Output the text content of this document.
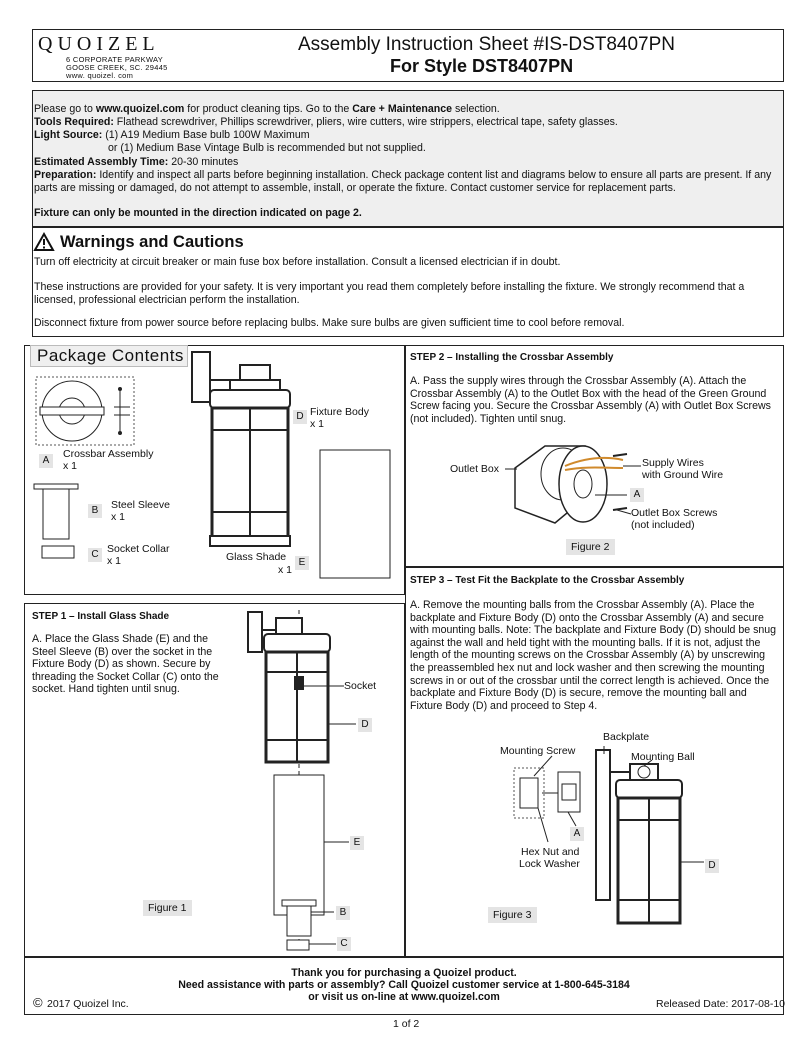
QUOIZEL
6 CORPORATE PARKWAY
GOOSE CREEK, SC. 29445
www. quoizel. com
Assembly Instruction Sheet #IS-DST8407PN
For Style DST8407PN
Please go to www.quoizel.com for product cleaning tips. Go to the Care + Maintenance selection.
Tools Required: Flathead screwdriver, Phillips screwdriver, pliers, wire cutters, wire strippers, electrical tape, safety glasses.
Light Source: (1) A19 Medium Base bulb 100W Maximum
or (1) Medium Base Vintage Bulb is recommended but not supplied.
Estimated Assembly Time: 20-30 minutes
Preparation: Identify and inspect all parts before beginning installation. Check package content list and diagrams below to ensure all parts are present. If any parts are missing or damaged, do not attempt to assemble, install, or operate the fixture. Contact customer service for replacement parts.
Fixture can only be mounted in the direction indicated on page 2.
Warnings and Cautions
Turn off electricity at circuit breaker or main fuse box before installation. Consult a licensed electrician if in doubt.
These instructions are provided for your safety. It is very important you read them completely before installing the fixture. We strongly recommend that a licensed, professional electrician perform the installation.
Disconnect fixture from power source before replacing bulbs. Make sure bulbs are given sufficient time to cool before removal.
Package Contents
A
Crossbar Assembly
x 1
B	Steel Sleeve
x 1
C Socket Collar
x 1
D Fixture Body
x 1
Glass Shade
x 1
E
STEP 1 – Install Glass Shade
A. Place the Glass Shade (E) and the Steel Sleeve (B) over the socket in the Fixture Body (D) as shown. Secure by threading the Socket Collar (C) onto the socket. Hand tighten until snug.	Socket
D
E
B
C
Figure 1
STEP 2 – Installing the Crossbar Assembly
A. Pass the supply wires through the Crossbar Assembly (A). Attach the Crossbar Assembly (A) to the Outlet Box with the head of the Green Ground Screw facing you. Secure the Crossbar Assembly (A) with Outlet Box Screws (not included). Tighten until snug.
Outlet Box	Supply Wires
with Ground Wire
A
Outlet Box Screws
(not included)
Figure 2
STEP 3 – Test Fit the Backplate to the Crossbar Assembly
A. Remove the mounting balls from the Crossbar Assembly (A). Place the backplate and Fixture Body (D) onto the Crossbar Assembly (A) and secure with mounting balls. Note: The backplate and Fixture Body (D) should be snug against the wall and held tight with the mounting balls. If it is not, adjust the length of the mounting screws on the Crossbar Assembly (A) by unscrewing the preassembled hex nut and lock washer and then screwing the mounting screws in or out of the crossbar until the correct length is achieved. Once the backplate and Fixture Body (D) is secure, remove the mounting ball and Fixture Body (D) and proceed to Step 4.
Backplate
Mounting Screw	Mounting Ball
A
Hex Nut and
Lock Washer	D
Figure 3
Thank you for purchasing a Quoizel product.
Need assistance with parts or assembly? Call Quoizel customer service at 1-800-645-3184
or visit us on-line at www.quoizel.com
© 2017 Quoizel Inc.	Released Date: 2017-08-10
1 of 2
